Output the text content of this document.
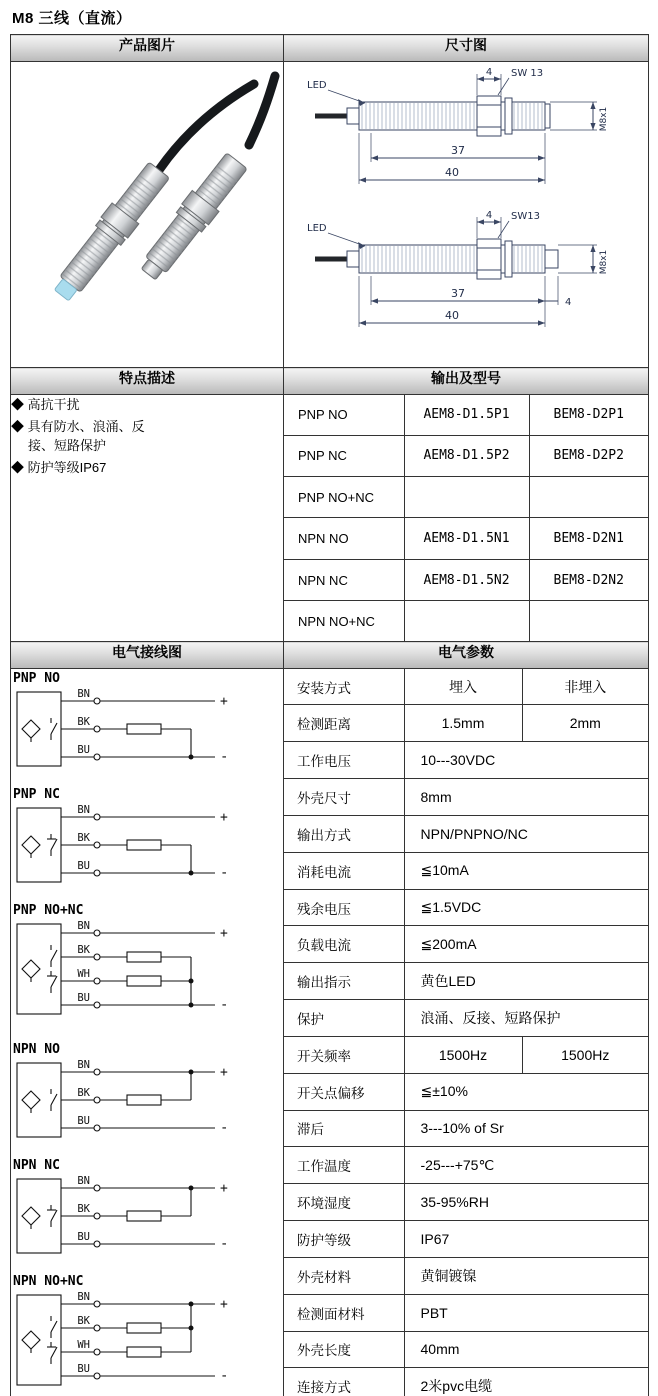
M8 三线（直流）
产品图片	尺寸图

LED
4 SW 13
M8x1
37
40
LED
4 SW13
M8x1
37
4
40

特点描述	输出及型号

◆ 高抗干扰
◆ 具有防水、浪涌、反接、短路保护
◆ 防护等级IP67

PNP NO	AEM8-D1.5P1	BEM8-D2P1
PNP NC	AEM8-D1.5P2	BEM8-D2P2
PNP NO+NC		
NPN NO	AEM8-D1.5N1	BEM8-D2N1
NPN NC	AEM8-D1.5N2	BEM8-D2N2
NPN NO+NC		

电气接线图	电气参数

PNP NO
BN
BK
BU
+
-
PNP NC
BN
BK
BU
+
-
PNP NO+NC
BN
BK
WH
BU
+
-
NPN NO
BN
BK
BU
+
-
NPN NC
BN
BK
BU
+
-
NPN NO+NC
BN
BK
WH
BU
+
-

安装方式	埋入	非埋入
检测距离	1.5mm	2mm
工作电压	10---30VDC
外壳尺寸	8mm
输出方式	NPN/PNPNO/NC
消耗电流	≦10mA
残余电压	≦1.5VDC
负载电流	≦200mA
输出指示	黄色LED
保护	浪涌、反接、短路保护
开关频率	1500Hz	1500Hz
开关点偏移	≦±10%
滞后	3---10% of Sr
工作温度	-25---+75℃
环境湿度	35-95%RH
防护等级	IP67
外壳材料	黄铜镀镍
检测面材料	PBT
外壳长度	40mm
连接方式	2米pvc电缆
